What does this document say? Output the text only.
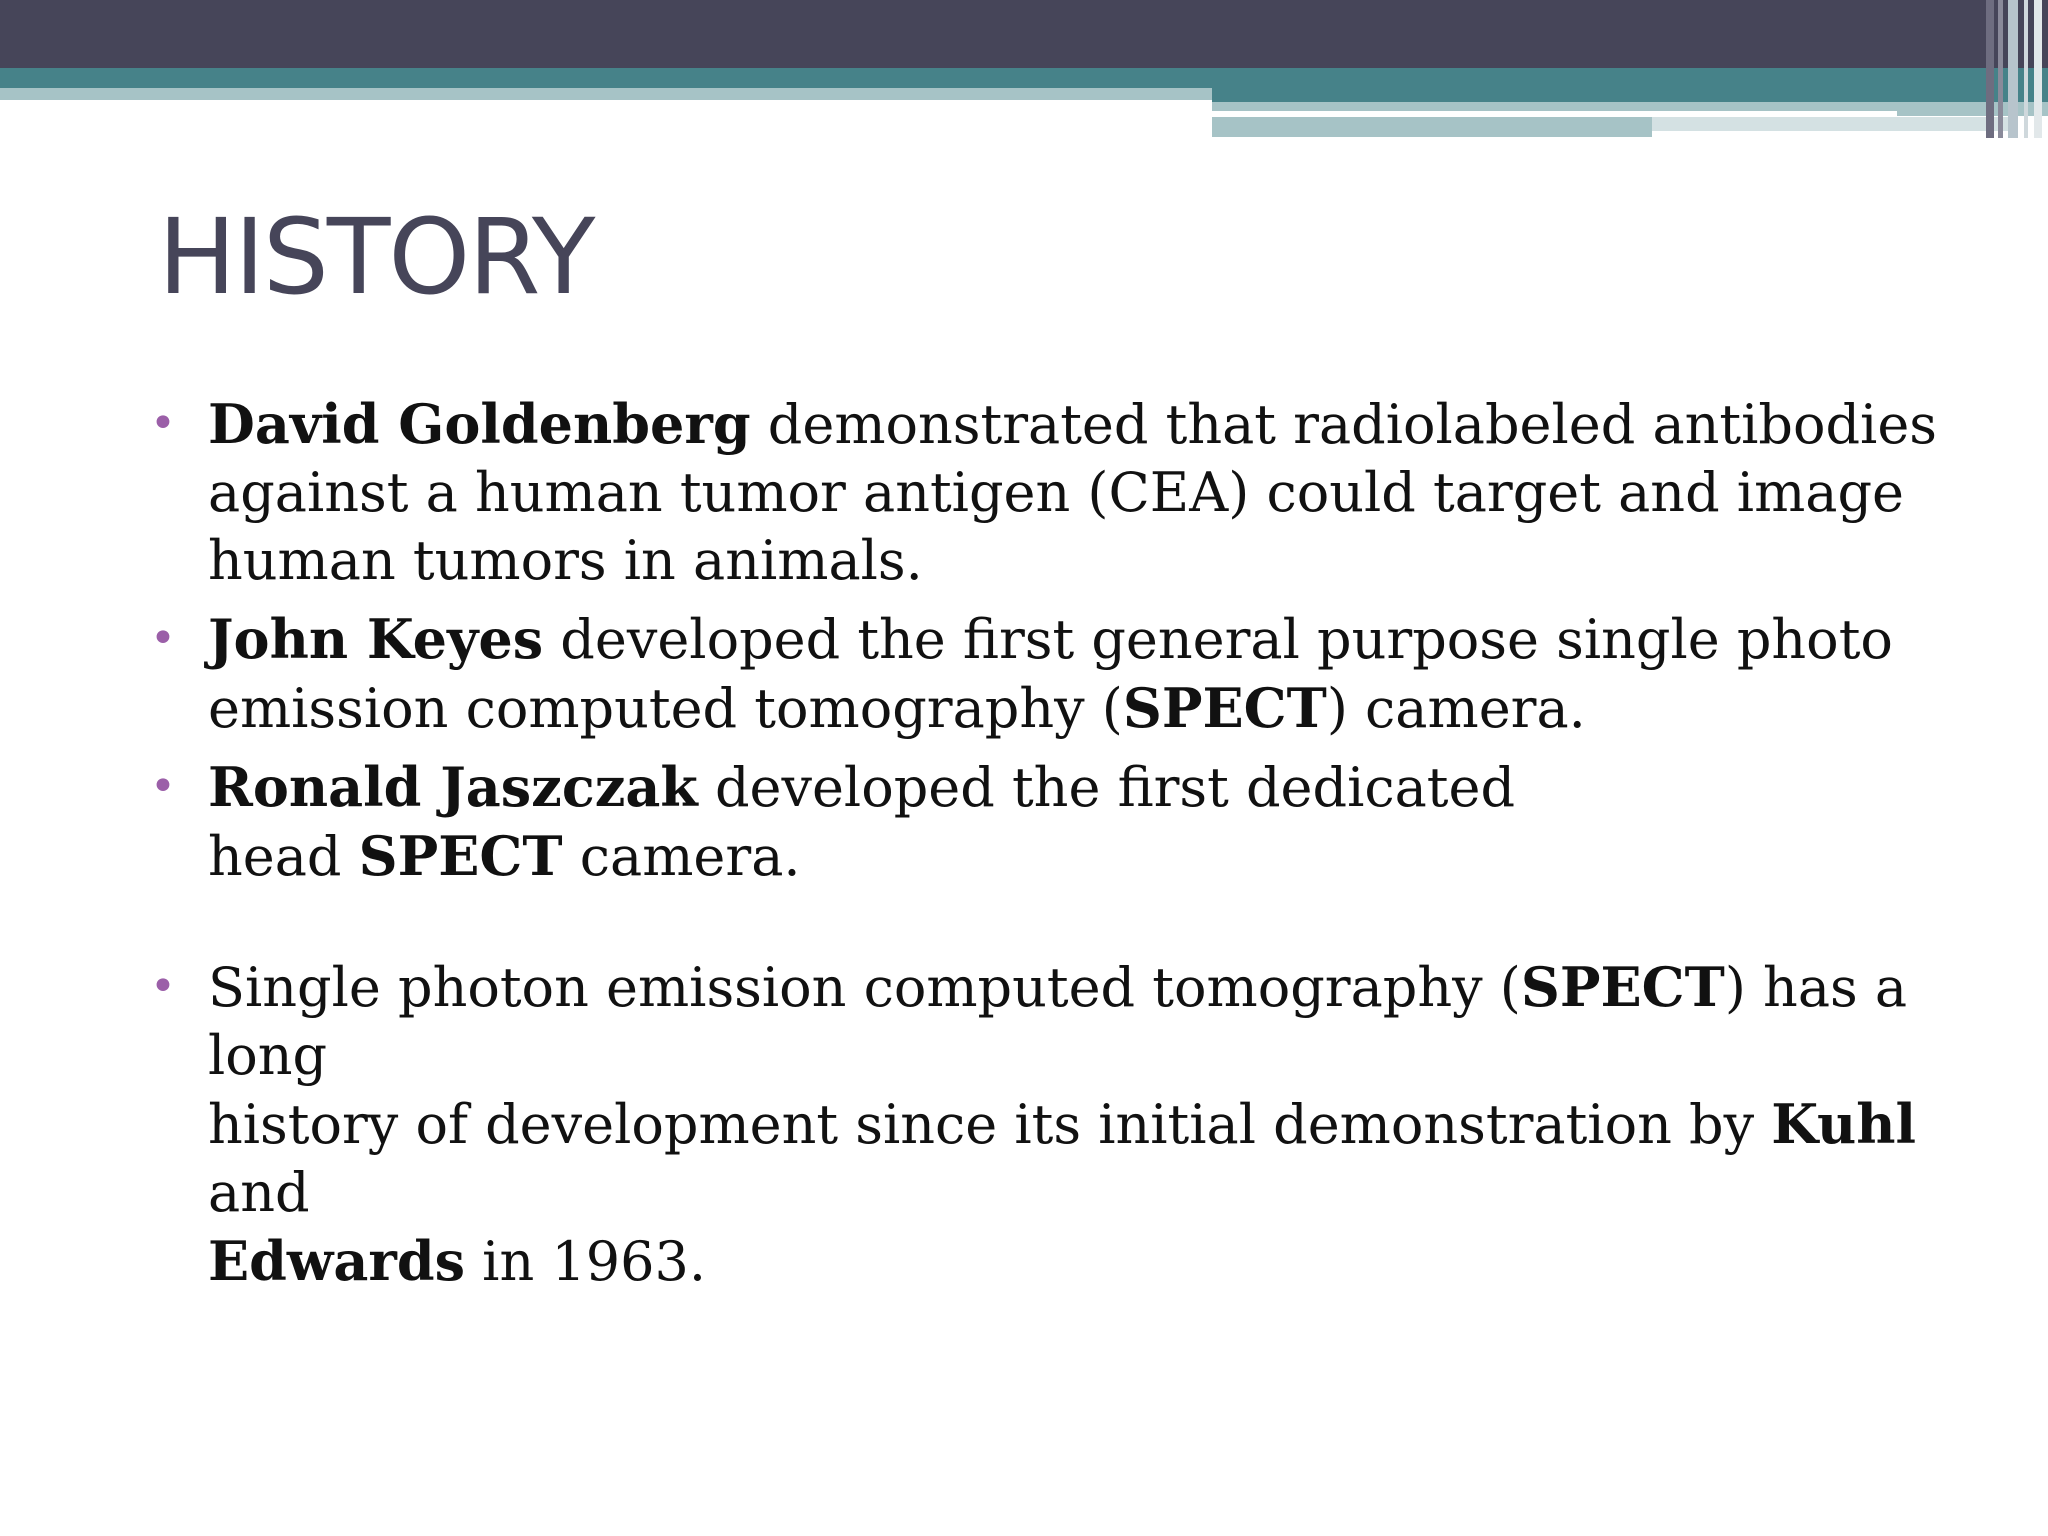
HISTORY
• David Goldenberg demonstrated that radiolabeled antibodies
against a human tumor antigen (CEA) could target and image
human tumors in animals.
• John Keyes developed the first general purpose single photo
emission computed tomography (SPECT) camera.
• Ronald Jaszczak developed the first dedicated
head SPECT camera.
• Single photon emission computed tomography (SPECT) has a long
history of development since its initial demonstration by Kuhl and
Edwards in 1963.
